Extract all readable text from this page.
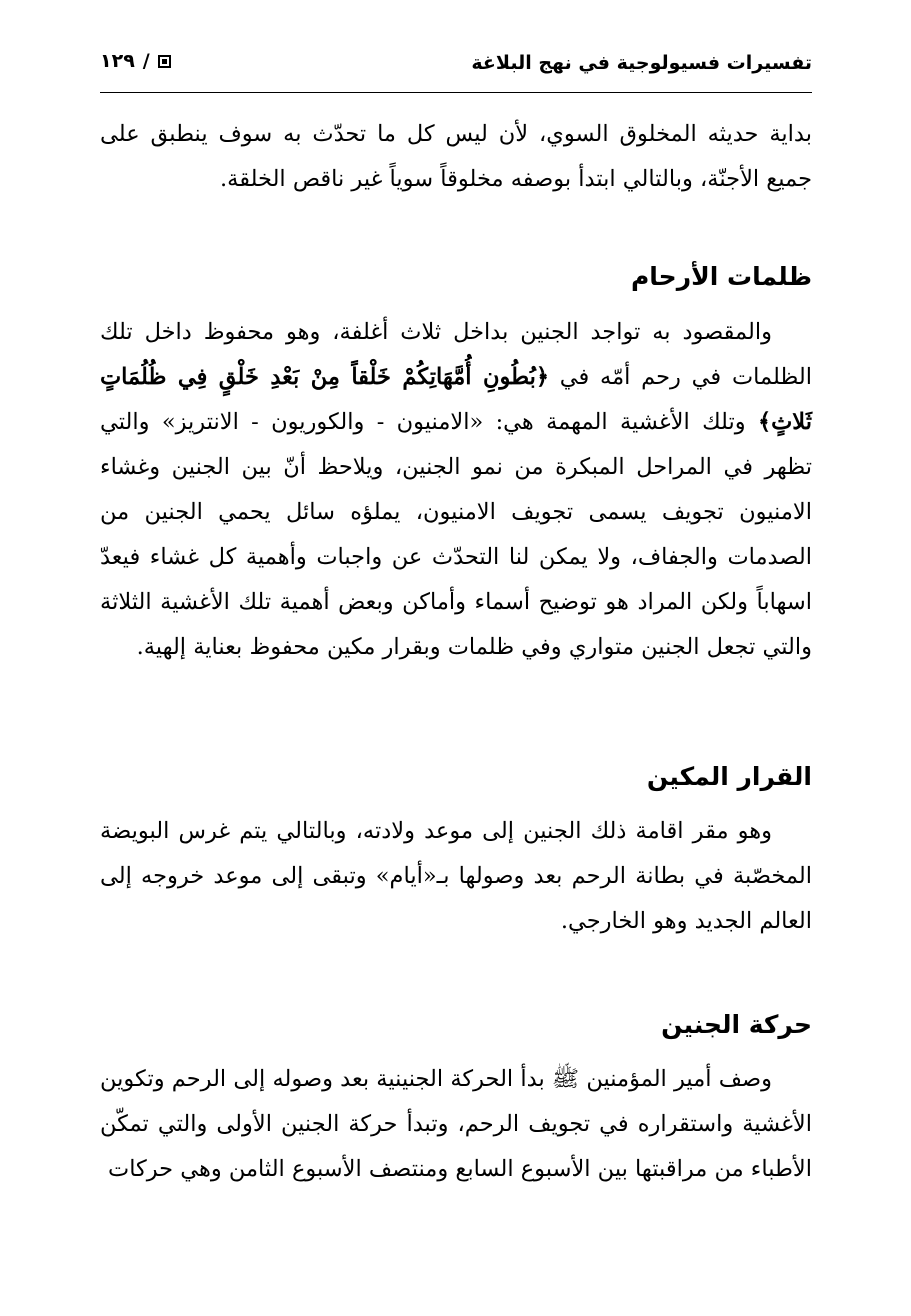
تفسيرات فسيولوجية في نهج البلاغة
/
١٢٩

بداية حديثه المخلوق السوي، لأن ليس كل ما تحدّث به سوف ينطبق على جميع الأجنّة، وبالتالي ابتدأ بوصفه مخلوقاً سوياً غير ناقص الخلقة.

ظلمات الأرحام

والمقصود به تواجد الجنين بداخل ثلاث أغلفة، وهو محفوظ داخل تلك الظلمات في رحم أمّه في ﴿بُطُونِ أُمَّهَاتِكُمْ خَلْقاً مِنْ بَعْدِ خَلْقٍ فِي ظُلُمَاتٍ ثَلاثٍ﴾ وتلك الأغشية المهمة هي: «الامنيون - والكوريون - الانتريز» والتي تظهر في المراحل المبكرة من نمو الجنين، ويلاحظ أنّ بين الجنين وغشاء الامنيون تجويف يسمى تجويف الامنيون، يملؤه سائل يحمي الجنين من الصدمات والجفاف، ولا يمكن لنا التحدّث عن واجبات وأهمية كل غشاء فيعدّ اسهاباً ولكن المراد هو توضيح أسماء وأماكن وبعض أهمية تلك الأغشية الثلاثة والتي تجعل الجنين متواري وفي ظلمات وبقرار مكين محفوظ بعناية إلهية.

القرار المكين

وهو مقر اقامة ذلك الجنين إلى موعد ولادته، وبالتالي يتم غرس البويضة المخصّبة في بطانة الرحم بعد وصولها بـ«أيام» وتبقى إلى موعد خروجه إلى العالم الجديد وهو الخارجي.

حركة الجنين

وصف أمير المؤمنين ﷺ بدأ الحركة الجنينية بعد وصوله إلى الرحم وتكوين الأغشية واستقراره في تجويف الرحم، وتبدأ حركة الجنين الأولى والتي تمكّن الأطباء من مراقبتها بين الأسبوع السابع ومنتصف الأسبوع الثامن وهي حركات
